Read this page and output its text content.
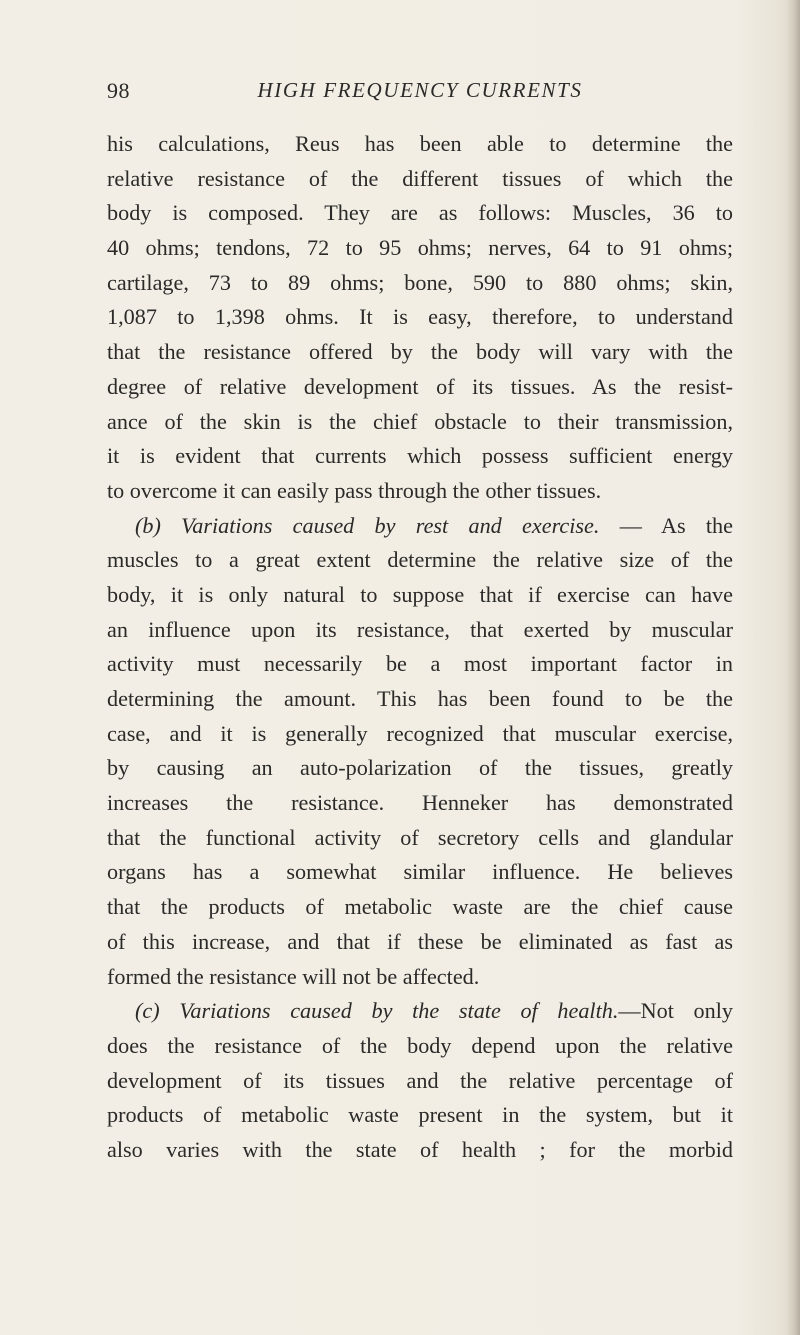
98	HIGH FREQUENCY CURRENTS
his calculations, Reus has been able to determine the
relative resistance of the different tissues of which the
body is composed. They are as follows: Muscles, 36 to
40 ohms; tendons, 72 to 95 ohms; nerves, 64 to 91 ohms;
cartilage, 73 to 89 ohms; bone, 590 to 880 ohms; skin,
1,087 to 1,398 ohms. It is easy, therefore, to understand
that the resistance offered by the body will vary with the
degree of relative development of its tissues. As the resist-
ance of the skin is the chief obstacle to their transmission,
it is evident that currents which possess sufficient energy
to overcome it can easily pass through the other tissues.
(b) Variations caused by rest and exercise. — As the
muscles to a great extent determine the relative size of the
body, it is only natural to suppose that if exercise can have
an influence upon its resistance, that exerted by muscular
activity must necessarily be a most important factor in
determining the amount. This has been found to be the
case, and it is generally recognized that muscular exercise,
by causing an auto-polarization of the tissues, greatly
increases the resistance. Henneker has demonstrated
that the functional activity of secretory cells and glandular
organs has a somewhat similar influence. He believes
that the products of metabolic waste are the chief cause
of this increase, and that if these be eliminated as fast as
formed the resistance will not be affected.
(c) Variations caused by the state of health.—Not only
does the resistance of the body depend upon the relative
development of its tissues and the relative percentage of
products of metabolic waste present in the system, but it
also varies with the state of health ; for the morbid
